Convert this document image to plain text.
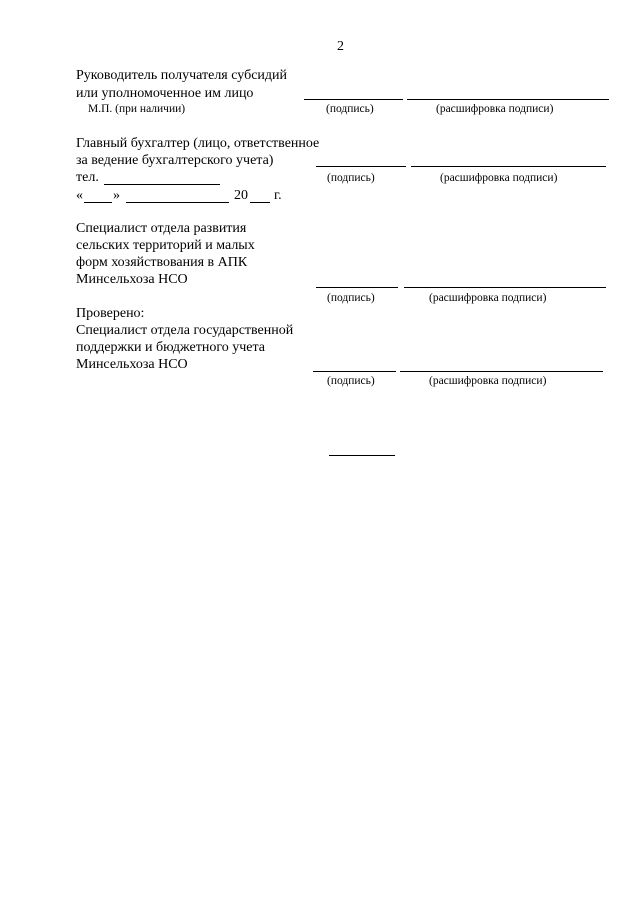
2
Руководитель получателя субсидий
или уполномоченное им лицо
М.П. (при наличии)	(подпись)	(расшифровка подписи)
Главный бухгалтер (лицо, ответственное
за ведение бухгалтерского учета)
тел.	(подпись)	(расшифровка подписи)
« »	20 г.
Специалист отдела развития
сельских территорий и малых
форм хозяйствования в АПК
Минсельхоза НСО
(подпись)	(расшифровка подписи)
Проверено:
Специалист отдела государственной
поддержки и бюджетного учета
Минсельхоза НСО
(подпись)	(расшифровка подписи)
